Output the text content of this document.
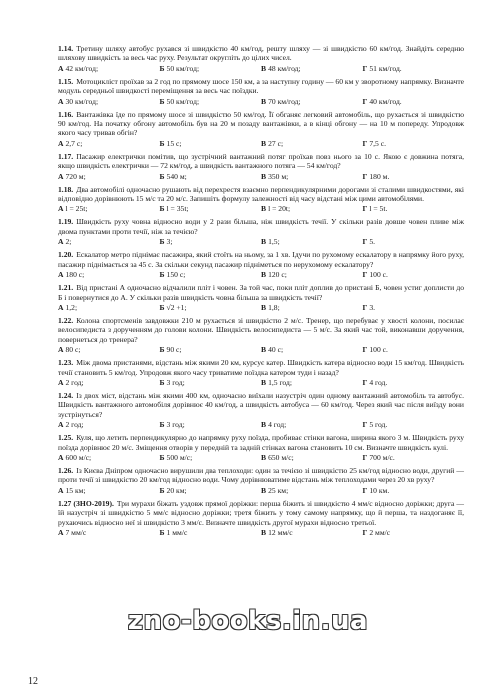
1.14. Третину шляху автобус рухався зі швидкістю 40 км/год, решту шляху — зі швидкістю 60 км/год. Знайдіть середню шляхову швидкість за весь час руху. Результат округліть до цілих чисел.
А 42 км/год;	Б 50 км/год;	В 48 км/год;	Г 51 км/год.
1.15. Мотоцикліст проїхав за 2 год по прямому шосе 150 км, а за наступну годину — 60 км у зворотному напрямку. Визначте модуль середньої швидкості переміщення за весь час поїздки.
А 30 км/год;	Б 50 км/год;	В 70 км/год;	Г 40 км/год.
1.16. Вантажівка їде по прямому шосе зі швидкістю 50 км/год. Її обганяє легковий автомобіль, що рухається зі швидкістю 90 км/год. На початку обгону автомобіль був на 20 м позаду вантажівки, а в кінці обгону — на 10 м попереду. Упродовж якого часу тривав обгін?
А 2,7 с;	Б 15 с;	В 27 с;	Г 7,5 с.
1.17. Пасажир електрички помітив, що зустрічний вантажний потяг проїхав повз нього за 10 с. Якою є довжина потяга, якщо швидкість електрички — 72 км/год, а швидкість вантажного потяга — 54 км/год?
А 720 м;	Б 540 м;	В 350 м;	Г 180 м.
1.18. Два автомобілі одночасно рушають від перехрестя взаємно перпендикулярними дорогами зі сталими швидкостями, які відповідно дорівнюють 15 м/с та 20 м/с. Запишіть формулу залежності від часу відстані між цими автомобілями.
А l = 25t;	Б l = 35t;	В l = 20t;	Г l = 5t.
1.19. Швидкість руху човна відносно води у 2 рази більша, ніж швидкість течії. У скільки разів довше човен пливе між двома пунктами проти течії, ніж за течією?
А 2;	Б 3;	В 1,5;	Г 5.
1.20. Ескалатор метро піднімає пасажира, який стоїть на ньому, за 1 хв. Ідучи по рухомому ескалатору в напрямку його руху, пасажир піднімається за 45 с. За скільки секунд пасажир підніметься по нерухомому ескалатору?
А 180 с;	Б 150 с;	В 120 с;	Г 100 с.
1.21. Від пристані А одночасно відчалили пліт і човен. За той час, поки пліт доплив до пристані Б, човен устиг доплисти до Б і повернутися до А. У скільки разів швидкість човна більша за швидкість течії?
А 1,2;	Б √2 +1;	В 1,8;	Г 3.
1.22. Колона спортсменів завдовжки 210 м рухається зі швидкістю 2 м/с. Тренер, що перебуває у хвості колони, посилає велосипедиста з дорученням до голови колони. Швидкість велосипедиста — 5 м/с. За який час той, виконавши доручення, повернеться до тренера?
А 80 с;	Б 90 с;	В 40 с;	Г 100 с.
1.23. Між двома пристанями, відстань між якими 20 км, курсує катер. Швидкість катера відносно води 15 км/год. Швидкість течії становить 5 км/год. Упродовж якого часу триватиме поїздка катером туди і назад?
А 2 год;	Б 3 год;	В 1,5 год;	Г 4 год.
1.24. Із двох міст, відстань між якими 400 км, одночасно виїхали назустріч один одному вантажний автомобіль та автобус. Швидкість вантажного автомобіля дорівнює 40 км/год, а швидкість автобуса — 60 км/год. Через який час після виїзду вони зустрінуться?
А 2 год;	Б 3 год;	В 4 год;	Г 5 год.
1.25. Куля, що летить перпендикулярно до напрямку руху поїзда, пробиває стінки вагона, ширина якого 3 м. Швидкість руху поїзда дорівнює 20 м/с. Зміщення отворів у передній та задній стінках вагона становить 10 см. Визначте швидкість кулі.
А 600 м/с;	Б 500 м/с;	В 650 м/с;	Г 700 м/с.
1.26. Із Києва Дніпром одночасно вирушили два теплоходи: один за течією зі швидкістю 25 км/год відносно води, другий — проти течії зі швидкістю 20 км/год відносно води. Чому дорівнюватиме відстань між теплоходами через 20 хв руху?
А 15 км;	Б 20 км;	В 25 км;	Г 10 км.
1.27 (ЗНО-2019). Три мурахи біжать уздовж прямої доріжки: перша біжить зі швидкістю 4 мм/с відносно доріжки; друга — їй назустріч зі швидкістю 5 мм/с відносно доріжки; третя біжить у тому самому напрямку, що й перша, та наздоганяє її, рухаючись відносно неї зі швидкістю 3 мм/с. Визначте швидкість другої мурахи відносно третьої.
А 7 мм/с	Б 1 мм/с	В 12 мм/с	Г 2 мм/с
zno-books.in.ua
12
